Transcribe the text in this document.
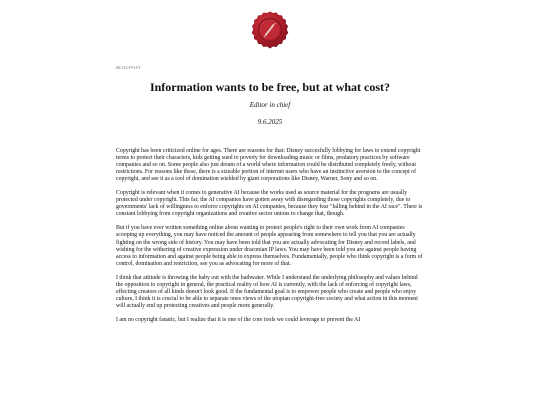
BLOGPOST
Information wants to be free, but at what cost?
Editor in chief
9.6.2025

Copyright has been criticized online for ages. There are reasons for that: Disney succesfully lobbying for laws to extend copyright terms to protect their characters, kids getting sued to poverty for downloading music or films, predatory practices by software companies and so on. Some people also just dream of a world where information could be distributed completely freely, without restrictions. For reasons like these, there is a sizeable portion of internet users who have an instinctive aversion to the concept of copyright, and see it as a tool of domination wielded by giant corporations like Disney, Warner, Sony and so on.

Copyright is relevant when it comes to generative AI because the works used as source material for the programs are usually protected under copyright. This far, the AI companies have gotten away with disregarding those copyrights completely, due to governments' lack of willingness to enforce copyrights on AI companies, because they fear "falling behind in the AI race". There is constant lobbying from copyright organizations and creative sector unions to change that, though.

But if you have ever written something online about wanting to protect people's right to their own work from AI companies scooping up everything, you may have noticed the amount of people appearing from somewhere to tell you that you are actually fighting on the wrong side of history. You may have been told that you are actually advocating for Disney and record labels, and wishing for the withering of creative expression under draconian IP laws. You may have been told you are against people having access to information and against people being able to express themselves. Fundamentally, people who think copyright is a form of control, domination and restriction, see you as advocating for more of that.

I think that attitude is throwing the baby out with the bathwater. While I understand the underlying philosophy and values behind the opposition to copyright in general, the practical reality of how AI is currently, with the lack of enforcing of copyright laws, effecting creators of all kinds doesn't look good. If the fundamental goal is to empower people who create and people who enjoy culture, I think it is crucial to be able to separate ones views of the utopian copyright-free society and what action in this moment will actually end up protecting creatives and people more generally.

I am no copyright fanatic, but I realize that it is one of the core tools we could leverage to prevent the AI
